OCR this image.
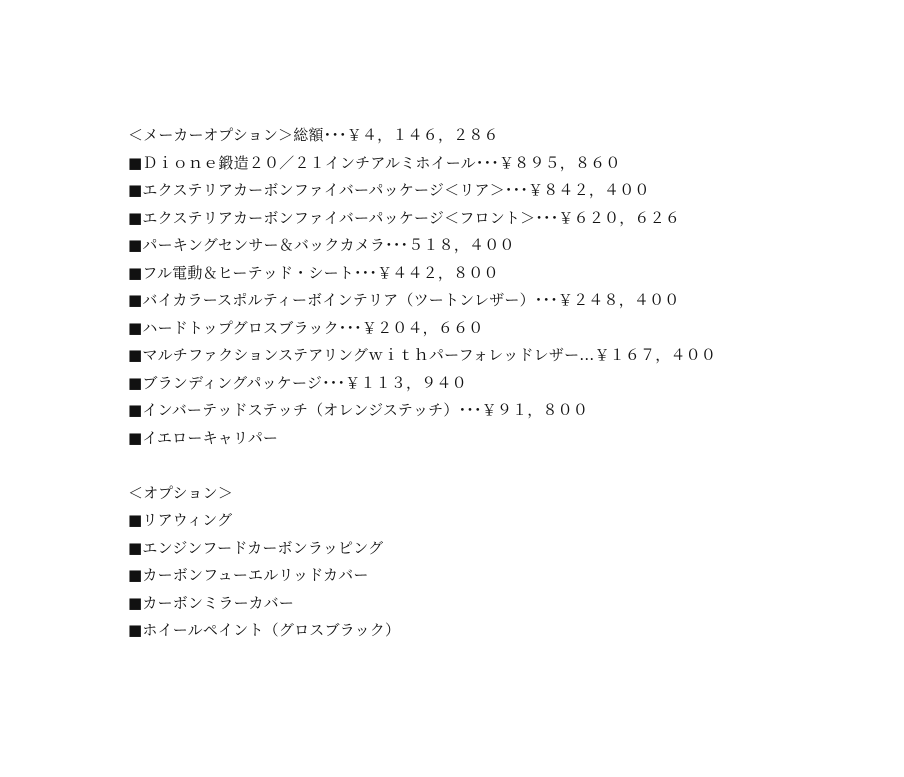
＜メーカーオプション＞総額･･･￥４，１４６，２８６
■Ｄｉｏｎｅ鍛造２０／２１インチアルミホイール･･･￥８９５，８６０
■エクステリアカーボンファイバーパッケージ＜リア＞･･･￥８４２，４００
■エクステリアカーボンファイバーパッケージ＜フロント＞･･･￥６２０，６２６
■パーキングセンサー＆バックカメラ･･･５１８，４００
■フル電動＆ヒーテッド・シート･･･￥４４２，８００
■バイカラースポルティーボインテリア（ツートンレザー）･･･￥２４８，４００
■ハードトップグロスブラック･･･￥２０４，６６０
■マルチファクションステアリングｗｉｔｈパーフォレッドレザー…￥１６７，４００
■ブランディングパッケージ･･･￥１１３，９４０
■インバーテッドステッチ（オレンジステッチ）･･･￥９１，８００
■イエローキャリパー
＜オプション＞
■リアウィング
■エンジンフードカーボンラッピング
■カーボンフューエルリッドカバー
■カーボンミラーカバー
■ホイールペイント（グロスブラック）
